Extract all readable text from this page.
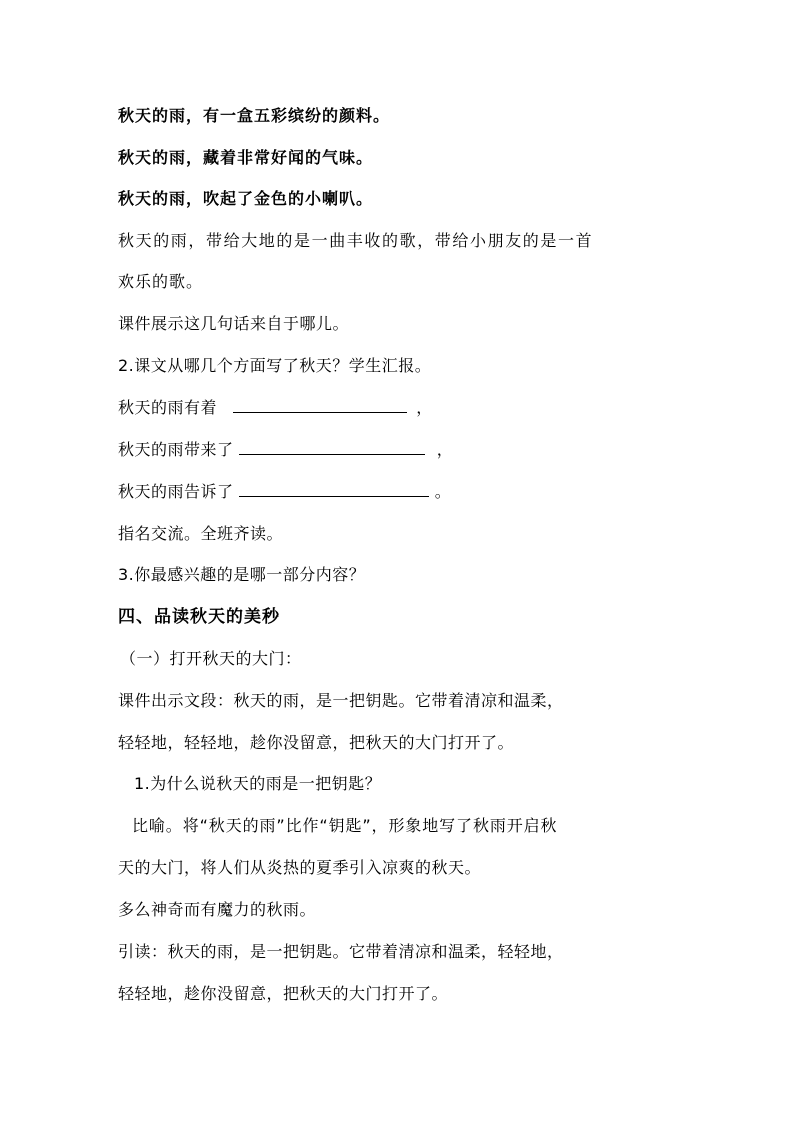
秋天的雨，有一盒五彩缤纷的颜料。
秋天的雨，藏着非常好闻的气味。
秋天的雨，吹起了金色的小喇叭。
秋天的雨，带给大地的是一曲丰收的歌，带给小朋友的是一首
欢乐的歌。
课件展示这几句话来自于哪儿。
2.课文从哪几个方面写了秋天？学生汇报。
秋天的雨有着	，
秋天的雨带来了	，
秋天的雨告诉了	。
指名交流。全班齐读。
3.你最感兴趣的是哪一部分内容？
四、品读秋天的美秒
（一）打开秋天的大门：
课件出示文段：秋天的雨，是一把钥匙。它带着清凉和温柔，
轻轻地，轻轻地，趁你没留意，把秋天的大门打开了。
1.为什么说秋天的雨是一把钥匙？
比喻。将“秋天的雨”比作“钥匙”，形象地写了秋雨开启秋
天的大门，将人们从炎热的夏季引入凉爽的秋天。
多么神奇而有魔力的秋雨。
引读：秋天的雨，是一把钥匙。它带着清凉和温柔，轻轻地，
轻轻地，趁你没留意，把秋天的大门打开了。
